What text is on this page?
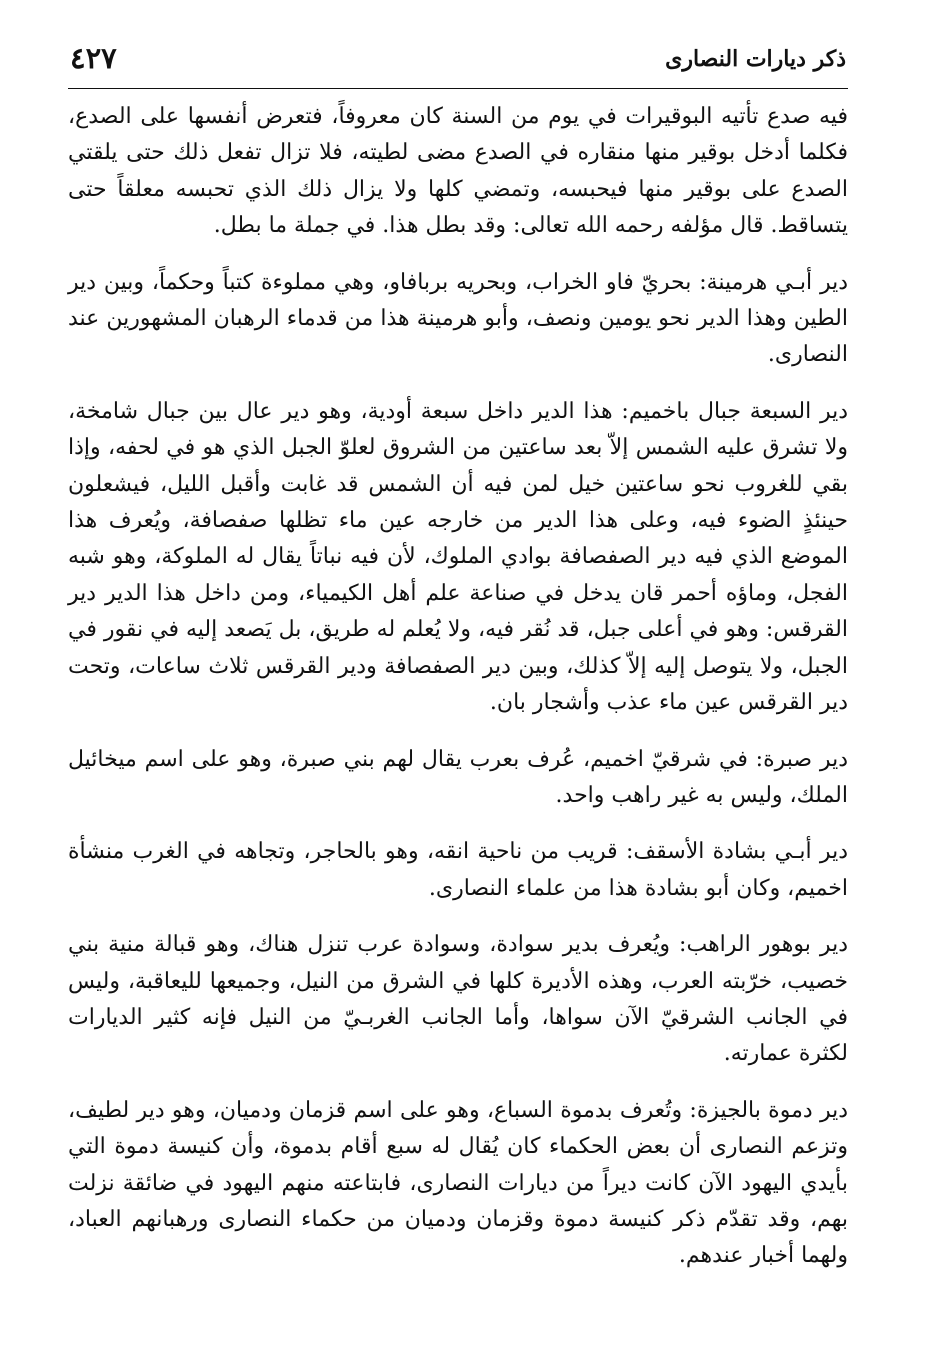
ذكر ديارات النصارى
٤٢٧

فيه صدع تأتيه البوقيرات في يوم من السنة كان معروفاً، فتعرض أنفسها على الصدع، فكلما أدخل بوقير منها منقاره في الصدع مضى لطيته، فلا تزال تفعل ذلك حتى يلقتي الصدع على بوقير منها فيحبسه، وتمضي كلها ولا يزال ذلك الذي تحبسه معلقاً حتى يتساقط. قال مؤلفه رحمه الله تعالى: وقد بطل هذا. في جملة ما بطل.

دير أبـي هرمينة: بحريّ فاو الخراب، وبحريه بربافاو، وهي مملوءة كتباً وحكماً، وبين دير الطين وهذا الدير نحو يومين ونصف، وأبو هرمينة هذا من قدماء الرهبان المشهورين عند النصارى.

دير السبعة جبال باخميم: هذا الدير داخل سبعة أودية، وهو دير عال بين جبال شامخة، ولا تشرق عليه الشمس إلاّ بعد ساعتين من الشروق لعلوّ الجبل الذي هو في لحفه، وإذا بقي للغروب نحو ساعتين خيل لمن فيه أن الشمس قد غابت وأقبل الليل، فيشعلون حينئذٍ الضوء فيه، وعلى هذا الدير من خارجه عين ماء تظلها صفصافة، ويُعرف هذا الموضع الذي فيه دير الصفصافة بوادي الملوك، لأن فيه نباتاً يقال له الملوكة، وهو شبه الفجل، وماؤه أحمر قان يدخل في صناعة علم أهل الكيمياء، ومن داخل هذا الدير دير القرقس: وهو في أعلى جبل، قد نُقر فيه، ولا يُعلم له طريق، بل يَصعد إليه في نقور في الجبل، ولا يتوصل إليه إلاّ كذلك، وبين دير الصفصافة ودير القرقس ثلاث ساعات، وتحت دير القرقس عين ماء عذب وأشجار بان.

دير صبرة: في شرقيّ اخميم، عُرف بعرب يقال لهم بني صبرة، وهو على اسم ميخائيل الملك، وليس به غير راهب واحد.

دير أبـي بشادة الأسقف: قريب من ناحية انقه، وهو بالحاجر، وتجاهه في الغرب منشأة اخميم، وكان أبو بشادة هذا من علماء النصارى.

دير بوهور الراهب: ويُعرف بدير سوادة، وسوادة عرب تنزل هناك، وهو قبالة منية بني خصيب، خرّبته العرب، وهذه الأديرة كلها في الشرق من النيل، وجميعها لليعاقبة، وليس في الجانب الشرقيّ الآن سواها، وأما الجانب الغربـيّ من النيل فإنه كثير الديارات لكثرة عمارته.

دير دموة بالجيزة: وتُعرف بدموة السباع، وهو على اسم قزمان ودميان، وهو دير لطيف، وتزعم النصارى أن بعض الحكماء كان يُقال له سبع أقام بدموة، وأن كنيسة دموة التي بأيدي اليهود الآن كانت ديراً من ديارات النصارى، فابتاعته منهم اليهود في ضائقة نزلت بهم، وقد تقدّم ذكر كنيسة دموة وقزمان ودميان من حكماء النصارى ورهبانهم العباد، ولهما أخبار عندهم.
